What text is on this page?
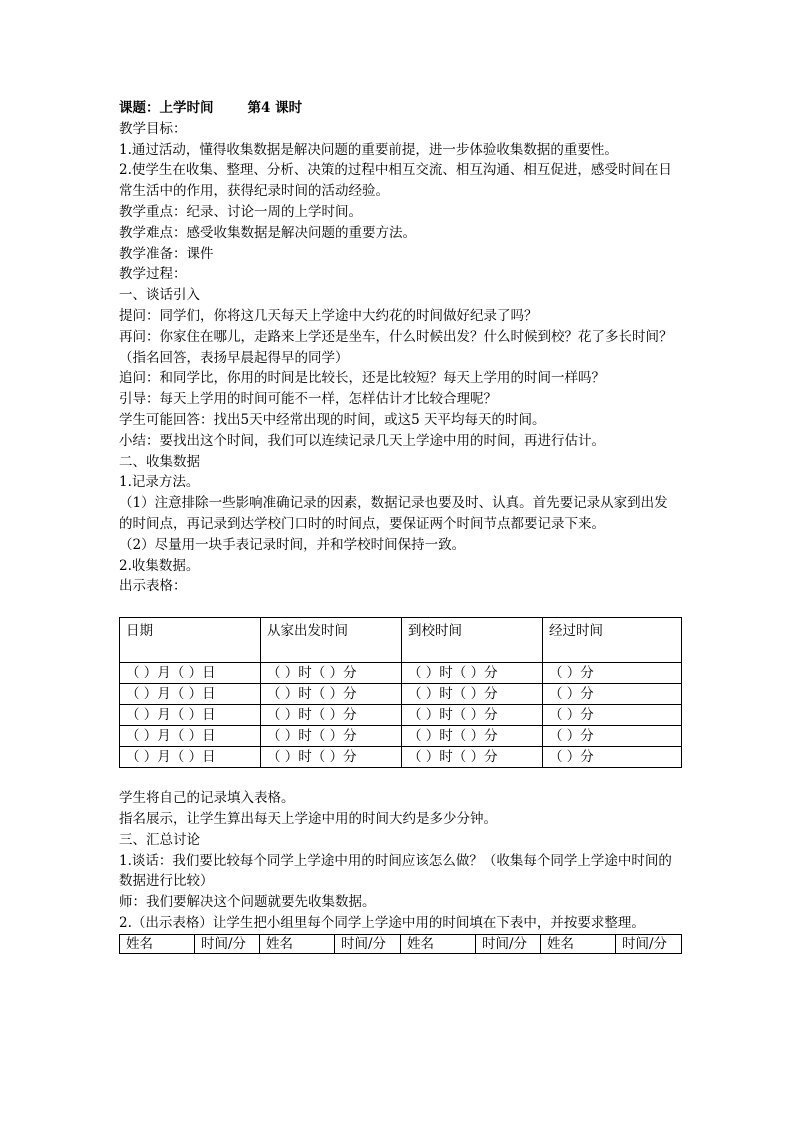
课题：上学时间	第4 课时
教学目标：
1.通过活动，懂得收集数据是解决问题的重要前提，进一步体验收集数据的重要性。
2.使学生在收集、整理、分析、决策的过程中相互交流、相互沟通、相互促进，感受时间在日常生活中的作用，获得纪录时间的活动经验。
教学重点：纪录、讨论一周的上学时间。
教学难点：感受收集数据是解决问题的重要方法。
教学准备：课件
教学过程：
一、谈话引入
提问：同学们，你将这几天每天上学途中大约花的时间做好纪录了吗？
再问：你家住在哪儿，走路来上学还是坐车，什么时候出发？什么时候到校？花了多长时间？（指名回答，表扬早晨起得早的同学）
追问：和同学比，你用的时间是比较长，还是比较短？每天上学用的时间一样吗？
引导：每天上学用的时间可能不一样，怎样估计才比较合理呢？
学生可能回答：找出5天中经常出现的时间，或这5 天平均每天的时间。
小结：要找出这个时间，我们可以连续记录几天上学途中用的时间，再进行估计。
二、收集数据
1.记录方法。
（1）注意排除一些影响准确记录的因素，数据记录也要及时、认真。首先要记录从家到出发的时间点，再记录到达学校门口时的时间点，要保证两个时间节点都要记录下来。
（2）尽量用一块手表记录时间，并和学校时间保持一致。
2.收集数据。
出示表格：
日期	从家出发时间	到校时间	经过时间
（ ）月（ ）日	（ ）时（ ）分	（ ）时（ ）分	（ ）分
（ ）月（ ）日	（ ）时（ ）分	（ ）时（ ）分	（ ）分
（ ）月（ ）日	（ ）时（ ）分	（ ）时（ ）分	（ ）分
（ ）月（ ）日	（ ）时（ ）分	（ ）时（ ）分	（ ）分
（ ）月（ ）日	（ ）时（ ）分	（ ）时（ ）分	（ ）分
学生将自己的记录填入表格。
指名展示，让学生算出每天上学途中用的时间大约是多少分钟。
三、汇总讨论
1.谈话：我们要比较每个同学上学途中用的时间应该怎么做？（收集每个同学上学途中时间的数据进行比较）
师：我们要解决这个问题就要先收集数据。
2.（出示表格）让学生把小组里每个同学上学途中用的时间填在下表中，并按要求整理。
姓名	时间/分	姓名	时间/分	姓名	时间/分	姓名	时间/分
